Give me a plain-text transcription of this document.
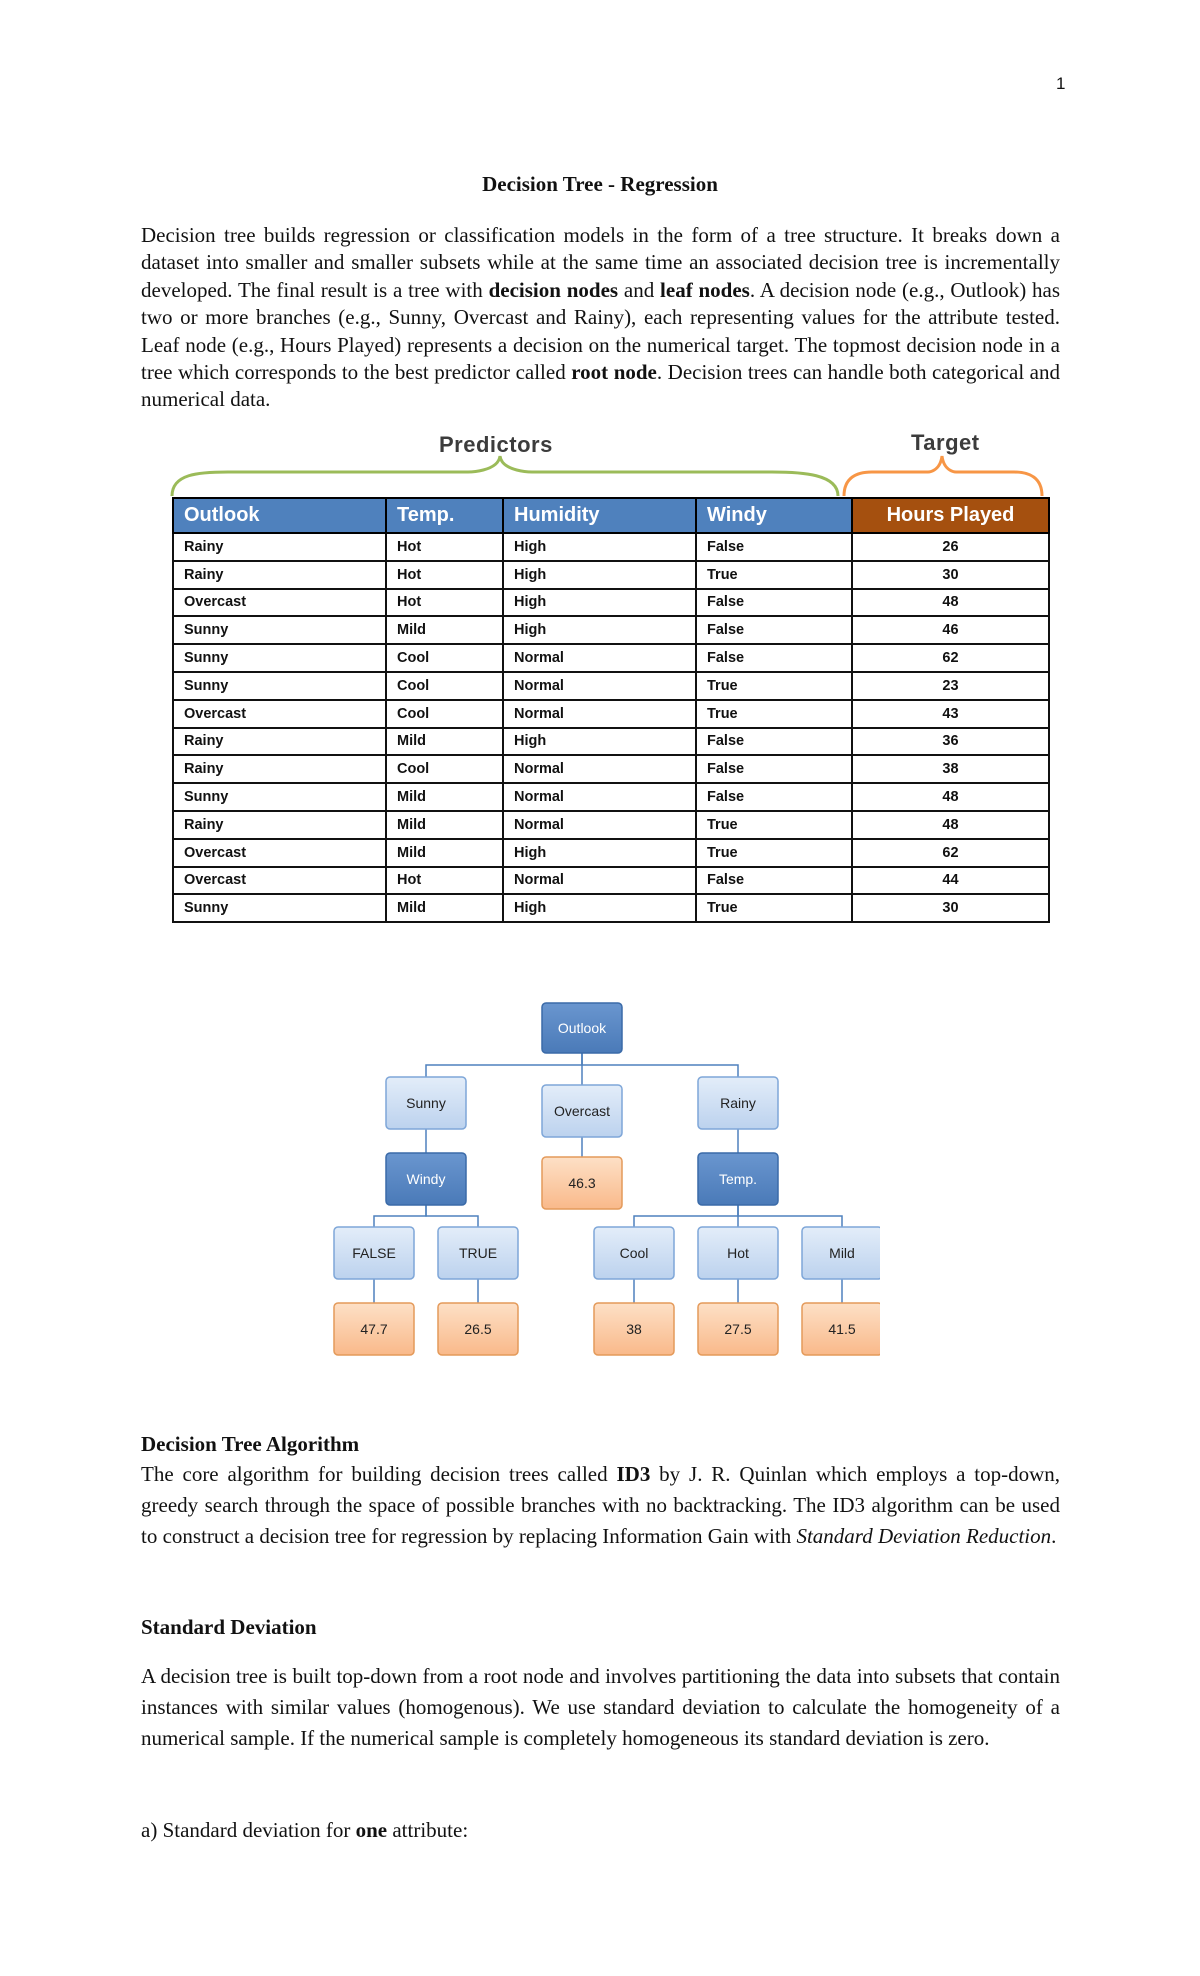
1
Decision Tree - Regression

Decision tree builds regression or classification models in the form of a tree structure. It breaks down a dataset into smaller and smaller subsets while at the same time an associated decision tree is incrementally developed. The final result is a tree with decision nodes and leaf nodes. A decision node (e.g., Outlook) has two or more branches (e.g., Sunny, Overcast and Rainy), each representing values for the attribute tested. Leaf node (e.g., Hours Played) represents a decision on the numerical target. The topmost decision node in a tree which corresponds to the best predictor called root node. Decision trees can handle both categorical and numerical data.

Predictors	Target
Outlook	Temp.	Humidity	Windy	Hours Played
Rainy	Hot	High	False	26
Rainy	Hot	High	True	30
Overcast	Hot	High	False	48
Sunny	Mild	High	False	46
Sunny	Cool	Normal	False	62
Sunny	Cool	Normal	True	23
Overcast	Cool	Normal	True	43
Rainy	Mild	High	False	36
Rainy	Cool	Normal	False	38
Sunny	Mild	Normal	False	48
Rainy	Mild	Normal	True	48
Overcast	Mild	High	True	62
Overcast	Hot	Normal	False	44
Sunny	Mild	High	True	30
Outlook
Sunny	Overcast	Rainy
Windy	46.3	Temp.
FALSE	TRUE	Cool	Hot	Mild
47.7	26.5	38	27.5	41.5
Decision Tree Algorithm

The core algorithm for building decision trees called ID3 by J. R. Quinlan which employs a top-down, greedy search through the space of possible branches with no backtracking. The ID3 algorithm can be used to construct a decision tree for regression by replacing Information Gain with Standard Deviation Reduction.

Standard Deviation

A decision tree is built top-down from a root node and involves partitioning the data into subsets that contain instances with similar values (homogenous). We use standard deviation to calculate the homogeneity of a numerical sample. If the numerical sample is completely homogeneous its standard deviation is zero.

a) Standard deviation for one attribute:
